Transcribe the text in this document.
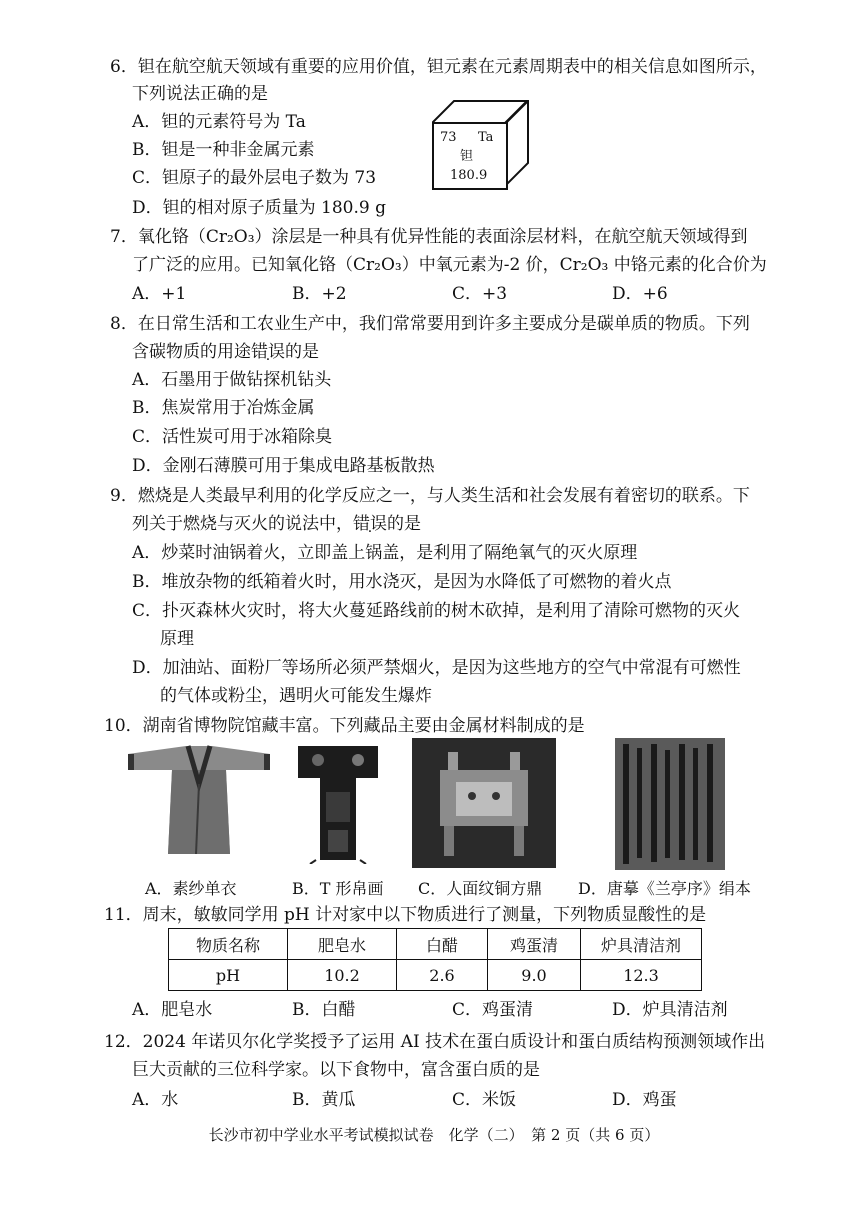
6．钽在航空航天领域有重要的应用价值，钽元素在元素周期表中的相关信息如图所示，
下列说法正确的是
A．钽的元素符号为 Ta
B．钽是一种非金属元素
C．钽原子的最外层电子数为 73
D．钽的相对原子质量为 180.9 g
73 Ta
钽
180.9
7．氧化铬（Cr₂O₃）涂层是一种具有优异性能的表面涂层材料，在航空航天领域得到
了广泛的应用。已知氧化铬（Cr₂O₃）中氧元素为-2 价，Cr₂O₃ 中铬元素的化合价为
A．+1	B．+2	C．+3	D．+6
8．在日常生活和工农业生产中，我们常常要用到许多主要成分是碳单质的物质。下列
含碳物质的用途错误的是
A．石墨用于做钻探机钻头
B．焦炭常用于冶炼金属
C．活性炭可用于冰箱除臭
D．金刚石薄膜可用于集成电路基板散热
9．燃烧是人类最早利用的化学反应之一，与人类生活和社会发展有着密切的联系。下
列关于燃烧与灭火的说法中，错误的是
A．炒菜时油锅着火，立即盖上锅盖，是利用了隔绝氧气的灭火原理
B．堆放杂物的纸箱着火时，用水浇灭，是因为水降低了可燃物的着火点
C．扑灭森林火灾时，将大火蔓延路线前的树木砍掉，是利用了清除可燃物的灭火
原理
D．加油站、面粉厂等场所必须严禁烟火，是因为这些地方的空气中常混有可燃性
的气体或粉尘，遇明火可能发生爆炸
10．湖南省博物院馆藏丰富。下列藏品主要由金属材料制成的是
A．素纱单衣	B．T 形帛画 C．人面纹铜方鼎 D．唐摹《兰亭序》绢本
11．周末，敏敏同学用 pH 计对家中以下物质进行了测量，下列物质显酸性的是
物质名称	肥皂水	白醋	鸡蛋清	炉具清洁剂
pH	10.2	2.6	9.0	12.3
A．肥皂水	B．白醋	C．鸡蛋清	D．炉具清洁剂
12．2024 年诺贝尔化学奖授予了运用 AI 技术在蛋白质设计和蛋白质结构预测领域作出
巨大贡献的三位科学家。以下食物中，富含蛋白质的是
A．水	B．黄瓜	C．米饭	D．鸡蛋
长沙市初中学业水平考试模拟试卷　化学（二）　第 2 页（共 6 页）
